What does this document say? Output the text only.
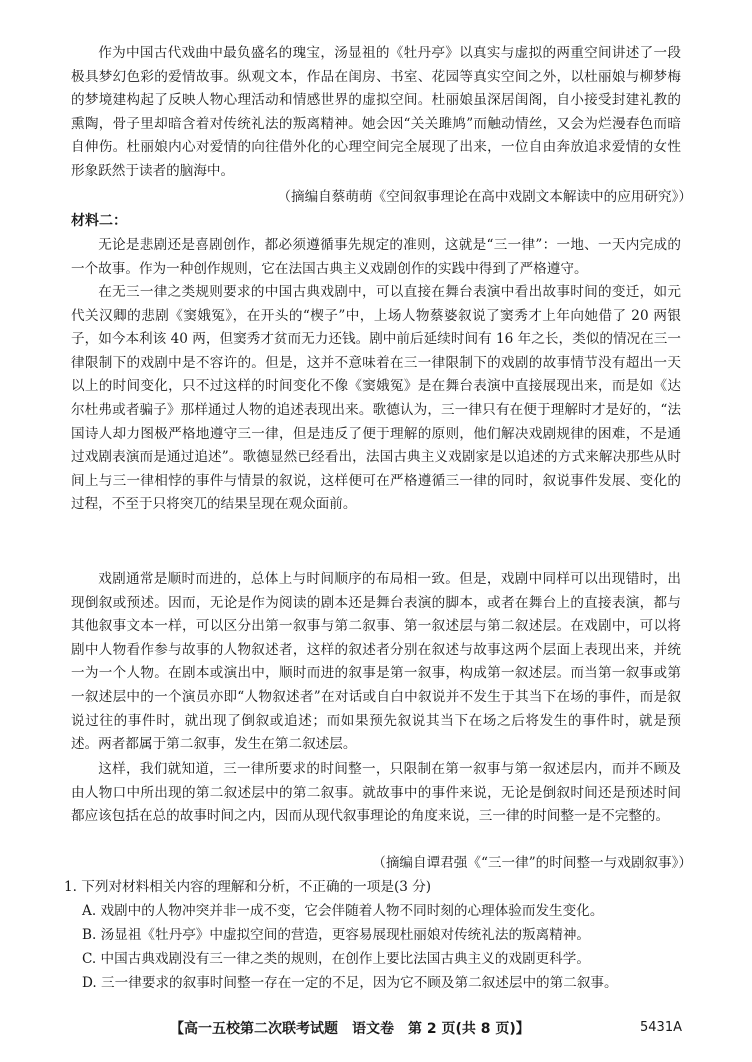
作为中国古代戏曲中最负盛名的瑰宝，汤显祖的《牡丹亭》以真实与虚拟的两重空间讲述了一段极具梦幻色彩的爱情故事。纵观文本，作品在闺房、书室、花园等真实空间之外，以杜丽娘与柳梦梅的梦境建构起了反映人物心理活动和情感世界的虚拟空间。杜丽娘虽深居闺阁，自小接受封建礼教的熏陶，骨子里却暗含着对传统礼法的叛离精神。她会因“关关雎鸠”而触动情丝，又会为烂漫春色而暗自伸伤。杜丽娘内心对爱情的向往借外化的心理空间完全展现了出来，一位自由奔放追求爱情的女性形象跃然于读者的脑海中。

（摘编自蔡萌萌《空间叙事理论在高中戏剧文本解读中的应用研究》）
材料二：

无论是悲剧还是喜剧创作，都必须遵循事先规定的准则，这就是“三一律”：一地、一天内完成的一个故事。作为一种创作规则，它在法国古典主义戏剧创作的实践中得到了严格遵守。

在无三一律之类规则要求的中国古典戏剧中，可以直接在舞台表演中看出故事时间的变迁，如元代关汉卿的悲剧《窦娥冤》，在开头的“楔子”中，上场人物蔡婆叙说了窦秀才上年向她借了 20 两银子，如今本利该 40 两，但窦秀才贫而无力还钱。剧中前后延续时间有 16 年之长，类似的情况在三一律限制下的戏剧中是不容许的。但是，这并不意味着在三一律限制下的戏剧的故事情节没有超出一天以上的时间变化，只不过这样的时间变化不像《窦娥冤》是在舞台表演中直接展现出来，而是如《达尔杜弗或者骗子》那样通过人物的追述表现出来。歌德认为，三一律只有在便于理解时才是好的，“法国诗人却力图极严格地遵守三一律，但是违反了便于理解的原则，他们解决戏剧规律的困难，不是通过戏剧表演而是通过追述”。歌德显然已经看出，法国古典主义戏剧家是以追述的方式来解决那些从时间上与三一律相悖的事件与情景的叙说，这样便可在严格遵循三一律的同时，叙说事件发展、变化的过程，不至于只将突兀的结果呈现在观众面前。

戏剧通常是顺时而进的，总体上与时间顺序的布局相一致。但是，戏剧中同样可以出现错时，出现倒叙或预述。因而，无论是作为阅读的剧本还是舞台表演的脚本，或者在舞台上的直接表演，都与其他叙事文本一样，可以区分出第一叙事与第二叙事、第一叙述层与第二叙述层。在戏剧中，可以将剧中人物看作参与故事的人物叙述者，这样的叙述者分别在叙述与故事这两个层面上表现出来，并统一为一个人物。在剧本或演出中，顺时而进的叙事是第一叙事，构成第一叙述层。而当第一叙事或第一叙述层中的一个演员亦即“人物叙述者”在对话或自白中叙说并不发生于其当下在场的事件，而是叙说过往的事件时，就出现了倒叙或追述；而如果预先叙说其当下在场之后将发生的事件时，就是预述。两者都属于第二叙事，发生在第二叙述层。

这样，我们就知道，三一律所要求的时间整一，只限制在第一叙事与第一叙述层内，而并不顾及由人物口中所出现的第二叙述层中的第二叙事。就故事中的事件来说，无论是倒叙时间还是预述时间都应该包括在总的故事时间之内，因而从现代叙事理论的角度来说，三一律的时间整一是不完整的。

（摘编自谭君强《“三一律”的时间整一与戏剧叙事》）

1. 下列对材料相关内容的理解和分析，不正确的一项是(3 分)

A. 戏剧中的人物冲突并非一成不变，它会伴随着人物不同时刻的心理体验而发生变化。
B. 汤显祖《牡丹亭》中虚拟空间的营造，更容易展现杜丽娘对传统礼法的叛离精神。
C. 中国古典戏剧没有三一律之类的规则，在创作上要比法国古典主义的戏剧更科学。
D. 三一律要求的叙事时间整一存在一定的不足，因为它不顾及第二叙述层中的第二叙事。
【高一五校第二次联考试题　语文卷　第 2 页(共 8 页)】	5431A
